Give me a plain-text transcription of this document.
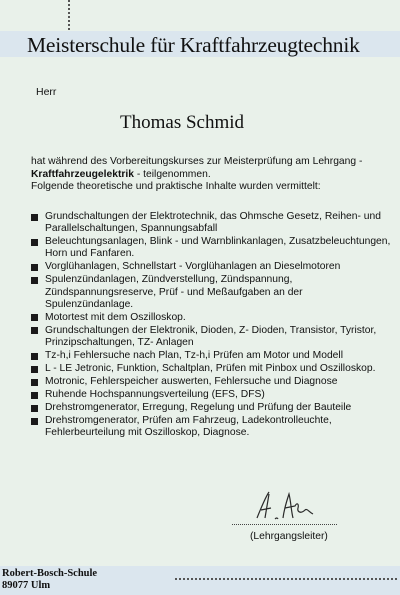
Meisterschule für Kraftfahrzeugtechnik
Herr
Thomas Schmid
hat während des Vorbereitungskurses zur Meisterprüfung am Lehrgang -
Kraftfahrzeugelektrik - teilgenommen.
Folgende theoretische und praktische Inhalte wurden vermittelt:
Grundschaltungen der Elektrotechnik, das Ohmsche Gesetz, Reihen- und Parallelschaltungen, Spannungsabfall
Beleuchtungsanlagen, Blink - und Warnblinkanlagen, Zusatzbeleuchtungen, Horn und Fanfaren.
Vorglühanlagen, Schnellstart - Vorglühanlagen an Dieselmotoren
Spulenzündanlagen, Zündverstellung, Zündspannung, Zündspannungsreserve, Prüf - und Meßaufgaben an der Spulenzündanlage.
Motortest mit dem Oszilloskop.
Grundschaltungen der Elektronik, Dioden, Z- Dioden, Transistor, Tyristor, Prinzipschaltungen, TZ- Anlagen
Tz-h,i Fehlersuche nach Plan, Tz-h,i Prüfen am Motor und Modell
L - LE Jetronic, Funktion, Schaltplan, Prüfen mit Pinbox und Oszilloskop.
Motronic, Fehlerspeicher auswerten, Fehlersuche und Diagnose
Ruhende Hochspannungsverteilung (EFS, DFS)
Drehstromgenerator, Erregung, Regelung und Prüfung der Bauteile
Drehstromgenerator, Prüfen am Fahrzeug, Ladekontrolleuchte, Fehlerbeurteilung mit Oszilloskop, Diagnose.
(Lehrgangsleiter)
Robert-Bosch-Schule
89077 Ulm
